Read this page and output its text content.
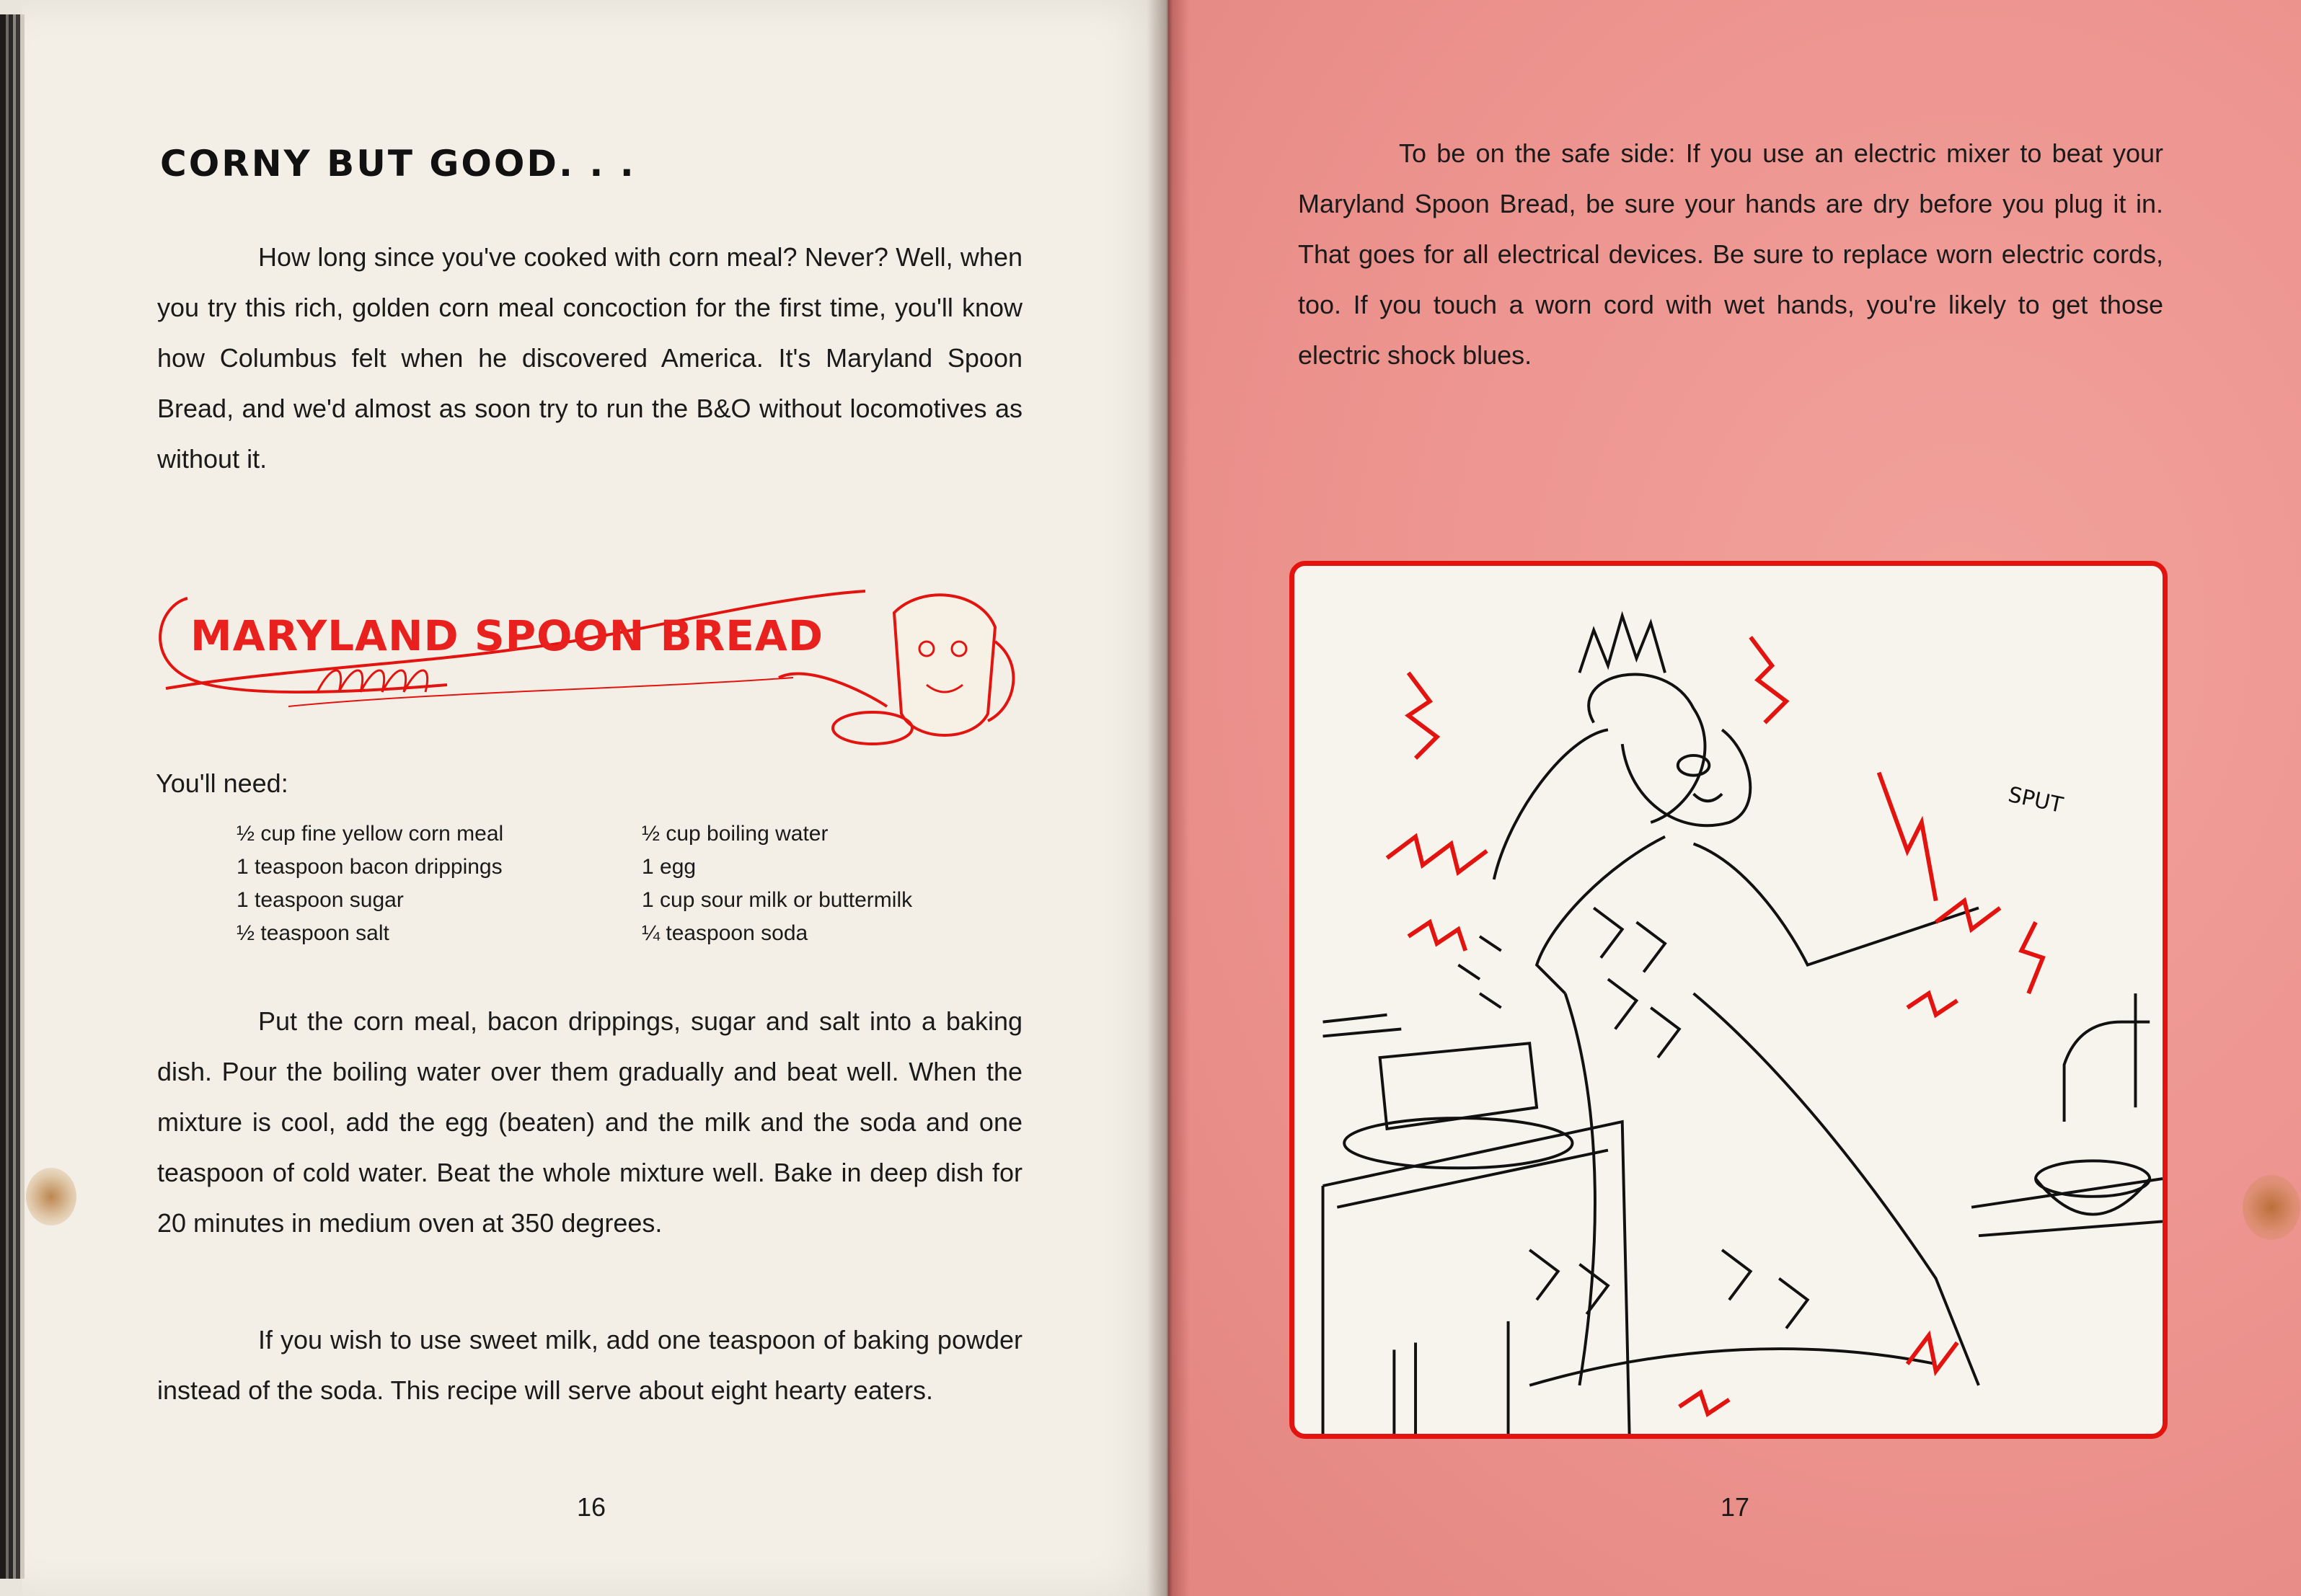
CORNY BUT GOOD. . .
How long since you've cooked with corn meal? Never? Well, when you try this rich, golden corn meal concoction for the first time, you'll know how Columbus felt when he discovered America. It's Maryland Spoon Bread, and we'd almost as soon try to run the B&O without locomotives as without it.
MARYLAND SPOON BREAD
You'll need:
½ cup fine yellow corn meal
1 teaspoon bacon drippings
1 teaspoon sugar
½ teaspoon salt
½ cup boiling water
1 egg
1 cup sour milk or buttermilk
¼ teaspoon soda
Put the corn meal, bacon drippings, sugar and salt into a baking dish. Pour the boiling water over them gradually and beat well. When the mixture is cool, add the egg (beaten) and the milk and the soda and one teaspoon of cold water. Beat the whole mixture well. Bake in deep dish for 20 minutes in medium oven at 350 degrees.
If you wish to use sweet milk, add one teaspoon of baking powder instead of the soda. This recipe will serve about eight hearty eaters.
16
To be on the safe side: If you use an electric mixer to beat your Maryland Spoon Bread, be sure your hands are dry before you plug it in. That goes for all electrical devices. Be sure to replace worn electric cords, too. If you touch a worn cord with wet hands, you're likely to get those electric shock blues.
SPUT
17
